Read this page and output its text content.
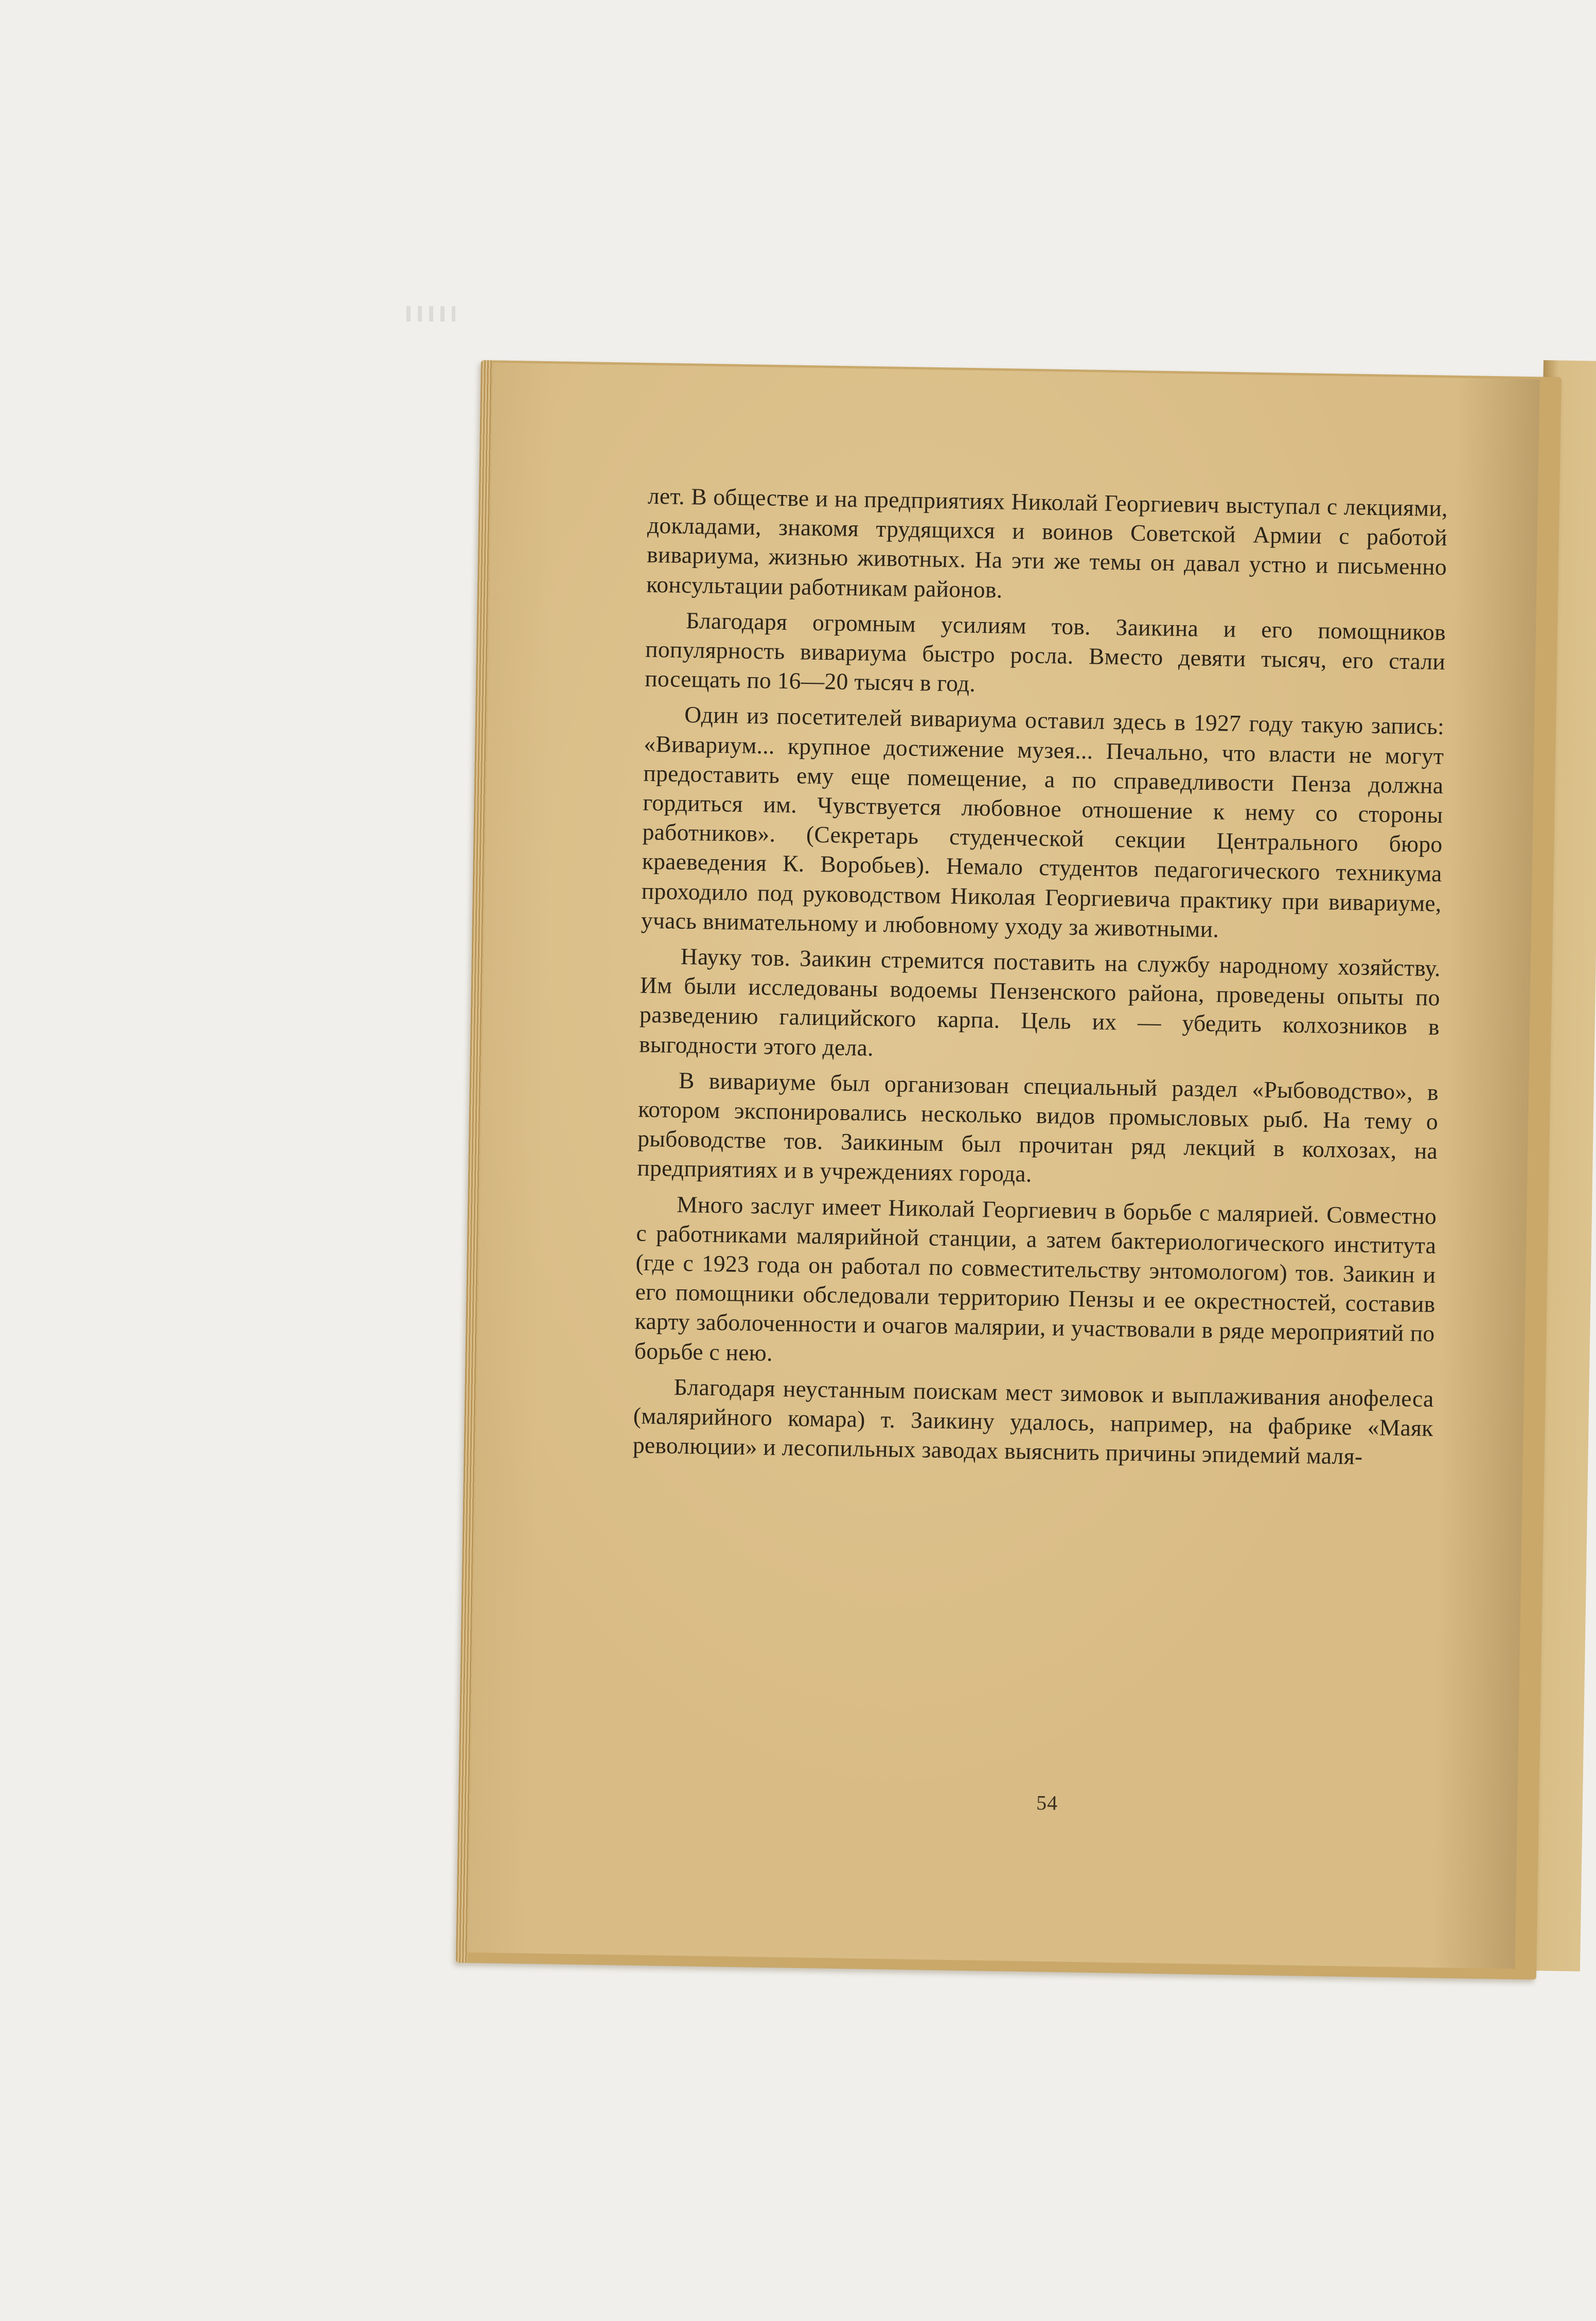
лет. В обществе и на предприятиях Николай Георгиевич выступал с лекциями, докладами, знакомя трудящихся и воинов Советской Армии с работой вивариума, жизнью животных. На эти же темы он давал устно и письменно консультации работникам районов.

Благодаря огромным усилиям тов. Заикина и его помощников популярность вивариума быстро росла. Вместо девяти тысяч, его стали посещать по 16—20 тысяч в год.

Один из посетителей вивариума оставил здесь в 1927 году такую запись: «Вивариум... крупное достижение музея... Печально, что власти не могут предоставить ему еще помещение, а по справедливости Пенза должна гордиться им. Чувствуется любовное отношение к нему со стороны работников». (Секретарь студенческой секции Центрального бюро краеведения К. Воробьев). Немало студентов педагогического техникума проходило под руководством Николая Георгиевича практику при вивариуме, учась внимательному и любовному уходу за животными.

Науку тов. Заикин стремится поставить на службу народному хозяйству. Им были исследованы водоемы Пензенского района, проведены опыты по разведению галицийского карпа. Цель их — убедить колхозников в выгодности этого дела.

В вивариуме был организован специальный раздел «Рыбоводство», в котором экспонировались несколько видов промысловых рыб. На тему о рыбоводстве тов. Заикиным был прочитан ряд лекций в колхозах, на предприятиях и в учреждениях города.

Много заслуг имеет Николай Георгиевич в борьбе с малярией. Совместно с работниками малярийной станции, а затем бактериологического института (где с 1923 года он работал по совместительству энтомологом) тов. Заикин и его помощники обследовали территорию Пензы и ее окрестностей, составив карту заболоченности и очагов малярии, и участвовали в ряде мероприятий по борьбе с нею.

Благодаря неустанным поискам мест зимовок и выплаживания анофелеса (малярийного комара) т. Заикину удалось, например, на фабрике «Маяк революции» и лесопильных заводах выяснить причины эпидемий маля-

54
